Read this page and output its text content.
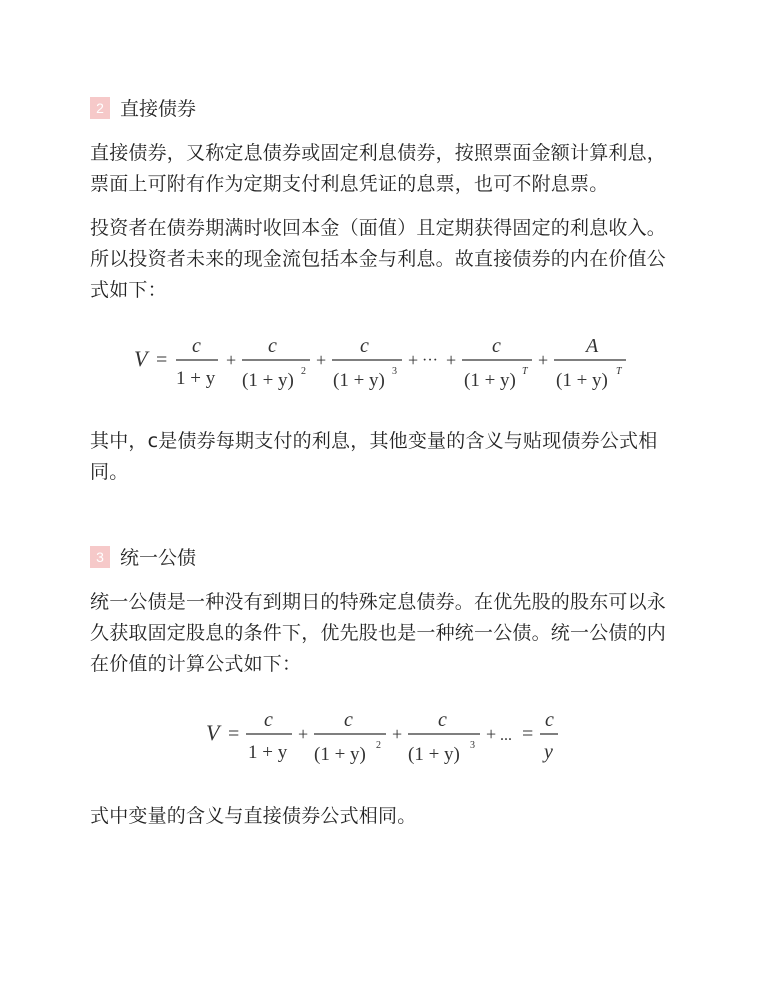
2 直接债券

直接债券，又称定息债券或固定利息债券，按照票面金额计算利息，票面上可附有作为定期支付利息凭证的息票，也可不附息票。

投资者在债券期满时收回本金（面值）且定期获得固定的利息收入。所以投资者未来的现金流包括本金与利息。故直接债券的内在价值公式如下：

V =
c
1 + y
+
c
(1 + y) 2
+
c
(1 + y) 3
+ ··· +
c
(1 + y) T
+
A
(1 + y) T

其中，c是债券每期支付的利息，其他变量的含义与贴现债券公式相同。

3 统一公债

统一公债是一种没有到期日的特殊定息债券。在优先股的股东可以永久获取固定股息的条件下，优先股也是一种统一公债。统一公债的内在价值的计算公式如下：

V =
c
1 + y
+
c
(1 + y) 2
+
c
(1 + y) 3
+ ... =
c
y

式中变量的含义与直接债券公式相同。
